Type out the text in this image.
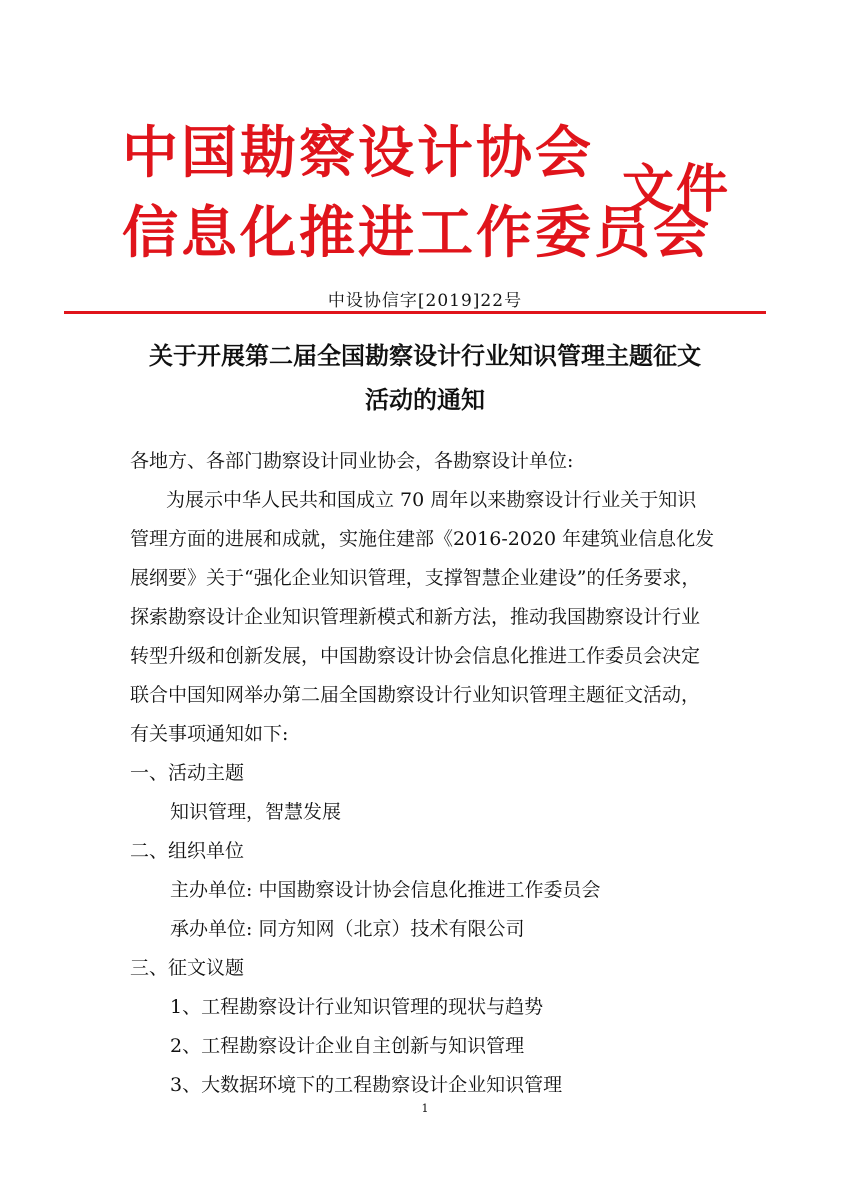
中国勘察设计协会
信息化推进工作委员会
文件
中设协信字[2019]22号
关于开展第二届全国勘察设计行业知识管理主题征文
活动的通知
各地方、各部门勘察设计同业协会，各勘察设计单位:
为展示中华人民共和国成立 70 周年以来勘察设计行业关于知识
管理方面的进展和成就，实施住建部《2016-2020 年建筑业信息化发
展纲要》关于“强化企业知识管理，支撑智慧企业建设”的任务要求，
探索勘察设计企业知识管理新模式和新方法，推动我国勘察设计行业
转型升级和创新发展，中国勘察设计协会信息化推进工作委员会决定
联合中国知网举办第二届全国勘察设计行业知识管理主题征文活动，
有关事项通知如下:
一、活动主题
知识管理，智慧发展
二、组织单位
主办单位: 中国勘察设计协会信息化推进工作委员会
承办单位: 同方知网（北京）技术有限公司
三、征文议题
1、工程勘察设计行业知识管理的现状与趋势
2、工程勘察设计企业自主创新与知识管理
3、大数据环境下的工程勘察设计企业知识管理
1
